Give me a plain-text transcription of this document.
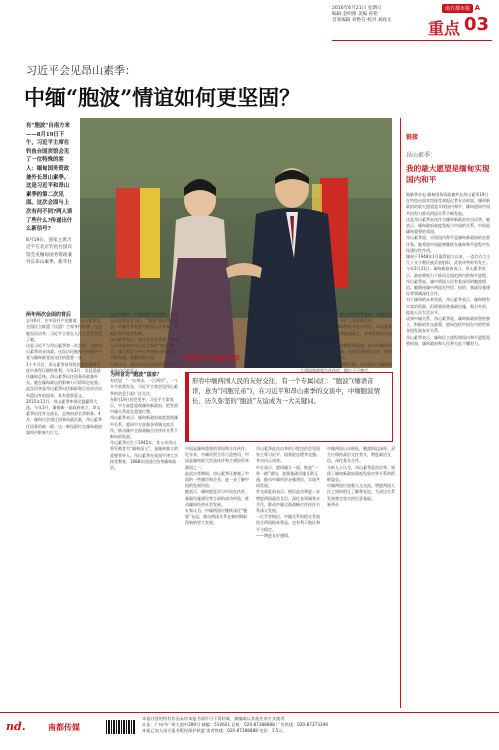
2016年6月21日 星期日
编辑 金明源 美编 孙铭
首席编辑 刘艳芬 校对 刘政文
南方都市报 A
重点 03
习近平会见昂山素季：
中缅“胞波”情谊如何更坚固？
有“胞波”自南方来——8月19日下午，习近平主席在钓鱼台国宾馆会见了一位特殊的客人：缅甸国务资政兼外长昂山素季。这是习近平和昂山素季的第二次见面。这次会面与上次有何不同?两人谈了些什么?传递出什么新信号?
8月19日，国家主席习近平在北京钓鱼台国宾馆会见缅甸国务资政兼外长昂山素季。新华社
链接
昂山素季：
我的最大愿望是缅甸实现国内和平

据新华社电 缅甸国务资政兼外长昂山素季19日在钓鱼台国宾馆接受本报记者专访时说，缅甸新政府的最大愿望是实现国内和平，缅甸愿同中国共同努力推动两国关系不断发展。

这是昂山素季首次作为缅甸新政府官员访华。她表示，缅甸政府高度重视与中国的关系，中国是缅甸重要的邻国。

昂山素季说，实现国内和平是缅甸新政府的首要任务，她希望中国能够继续在缅甸和平进程中发挥建设性作用。

缅甸于1948年1月取得独立以来，一直存在大小几十支少数民族武装组织，武装冲突时有发生。

今年3月31日，缅甸新政府成立，昂山素季表示，政府将致力于推动全国范围内的和平进程。

昂山素季说，缅中两国人民有着深厚的胞波情谊。她期待缅中两国在经贸、投资、基础设施建设等领域深化合作。

对于缅甸的未来发展，昂山素季表示，缅甸拥有丰富的资源，但需要改善基础设施，吸引外资，提高人民生活水平。

谈到中缅关系，昂山素季说，缅甸新政府坚持独立、积极的外交政策，愿同包括中国在内的世界各国发展友好关系。

昂山素季表示，缅甸民主进程和国内和平进程需要时间，缅甸政府和人民将为此不懈努力。

两年两次会面的背后

去年6月，应中国共产党邀请，昂山素季以全国民主联盟（民盟）主席身份访华。这是她首次访华，习近平主席在人民大会堂会见了她。

这是习近平与昂山素季第一次会面，当时昂山素季尚未执政。这次访问被视为中国共产党与缅甸政党间交往的重要一步。

1个多月后，昂山素季领导的民盟在缅甸大选中获得压倒性胜利。今年3月，吴廷觉就任缅甸总统，昂山素季出任国务资政兼外长。她在缅甸政坛的影响力可谓举足轻重。

此次访华是昂山素季出任新职务后首次访问东盟以外的国家，具有重要意义。

2015年11月，昂山素季率领民盟赢得大选。今年3月，缅甸新一届政府成立，昂山素季出任外交部长、总统府部长等职务。4月，缅甸议会通过国务资政法案，昂山素季任国务资政一职，这一新设职位在缅甸政府架构中影响力巨大。

为何首访“胞波”国家？

有话说：“一衣带水，一江两岸”。一个多月前我发布，习近平主席会见昂山素季的消息引起广泛关注。

在8月19日的会见中，习近平主席表示，中方高度重视缅甸新政府，把发展中缅关系放在重要位置。

昂山素季表示，缅甸新政府高度重视缅中关系，愿同中方加强各领域交流合作，推动缅中全面战略合作伙伴关系不断向前发展。

昂山素季出生于1945年，其父亲昂山将军被誉为“缅甸国父”，是缅甸独立的重要领导人。昂山素季在英国牛津大学接受教育，1988年回国后投身缅甸政治。

形容中缅两国人民的友好交往，有一个专属词汇：“胞波”(缅语音译，意为“同胞兄弟”)，在习近平和昂山素季的交谈中，中缅胞波情长、历久弥坚的“胞波”友谊成为一大关键词。

中国是缅甸重要的邻国和合作伙伴。近年来，中缅经贸合作日益密切，中国是缅甸最大贸易伙伴和主要投资来源国之一。

此次访华期间，昂山素季还参观了中国的一些城市和企业，进一步了解中国的发展经验。

她表示，缅甸愿意学习中国在扶贫、基础设施建设等方面的成功经验，推动缅甸经济社会发展。

专家认为，中缅两国应继续深化“胞波”友谊，推动两国关系在新时期取得新的更大发展。

昂山素季此次访华的日程包括会见国家主席习近平、国务院总理李克强，并访问云南省。

中方表示，愿同缅方一道，推进“一带一路”建设，加强基础设施互联互通，推动中缅经济走廊建设，实现共同发展。

外交部此前表示，相信此访将进一步增进两国政治互信，深化各领域务实合作，推动中缅全面战略合作伙伴关系深入发展。

一位学者指出，中缅关系的稳定发展符合两国根本利益，也有利于地区和平与稳定。

——增进友好感情。

中缅两国山水相连，胞波情谊深厚。双方应保持高层交往势头，增进政治互信，深化务实合作。

分析人士认为，昂山素季此次访华，展现了缅甸新政府重视发展对华关系的积极姿态。

中缅两国应加强人文交流，增进两国人民之间的相互了解和友谊，为双边关系发展奠定坚实的民意基础。

新华社

习近平指出，中缅两国山水相连，两国人民长期友好交往，“胞波”情谊源远流长。中缅关系发展对两国人民有利，对地区和平稳定有利。

昂山素季表示，缅中是友好邻邦，缅甸人民珍视同中国人民之间的“胞波”情谊。缅方愿意与中方共同推动两国关系不断发展，加强经贸合作。

分析认为，此次会见在两国关系中具有承前启后的意义。

新形势下的“胞波”情谊

方面展开了大量工作，推动两国关系发展。中缅双方应加强政治互信，进一步扩大各领域合作。

对于外界普遍关注的缅甸密松水电站项目，昂山素季表示，缅方愿在遵守法律的基础上，妥善处理有关问题。

分析指出，中缅两国应把握发展机遇，推动中缅经济走廊建设，加强互联互通，拓展贸易投资合作，使两国合作更好惠及两国人民。

缅甸新政府的外交政策强调平衡，但中国作为缅甸最大邻国和重要合作伙伴，地位不可替代。

nd.	南都传媒
本报刊登的所有作品未经本报书面许可不得转载、摘编或以其他任何方式使用
社址：广州市广州大道中289号 邮编：510601 总机：020-87388888 广告热线：020-87373398
本报已加入南方报业版权保护联盟 读者热线：020-87388888 定价：1.5元
